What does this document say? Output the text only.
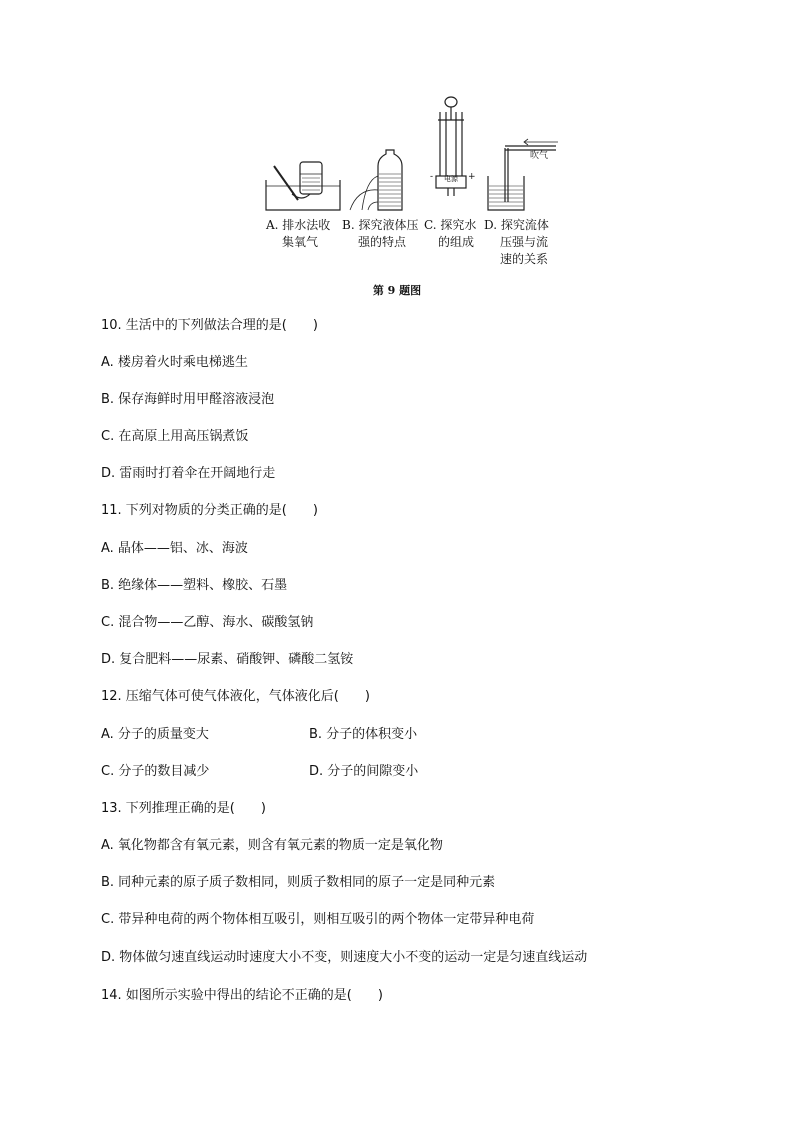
电源
-	+
吹气
A. 排水法收
集氧气
B. 探究液体压
强的特点
C. 探究水
的组成
D. 探究流体
压强与流
速的关系
第 9 题图
10. 生活中的下列做法合理的是(　　)
A. 楼房着火时乘电梯逃生
B. 保存海鲜时用甲醛溶液浸泡
C. 在高原上用高压锅煮饭
D. 雷雨时打着伞在开阔地行走
11. 下列对物质的分类正确的是(　　)
A. 晶体——铝、冰、海波
B. 绝缘体——塑料、橡胶、石墨
C. 混合物——乙醇、海水、碳酸氢钠
D. 复合肥料——尿素、硝酸钾、磷酸二氢铵
12. 压缩气体可使气体液化，气体液化后(　　)
A. 分子的质量变大	B. 分子的体积变小
C. 分子的数目减少	D. 分子的间隙变小
13. 下列推理正确的是(　　)
A. 氧化物都含有氧元素，则含有氧元素的物质一定是氧化物
B. 同种元素的原子质子数相同，则质子数相同的原子一定是同种元素
C. 带异种电荷的两个物体相互吸引，则相互吸引的两个物体一定带异种电荷
D. 物体做匀速直线运动时速度大小不变，则速度大小不变的运动一定是匀速直线运动
14. 如图所示实验中得出的结论不正确的是(　　)
